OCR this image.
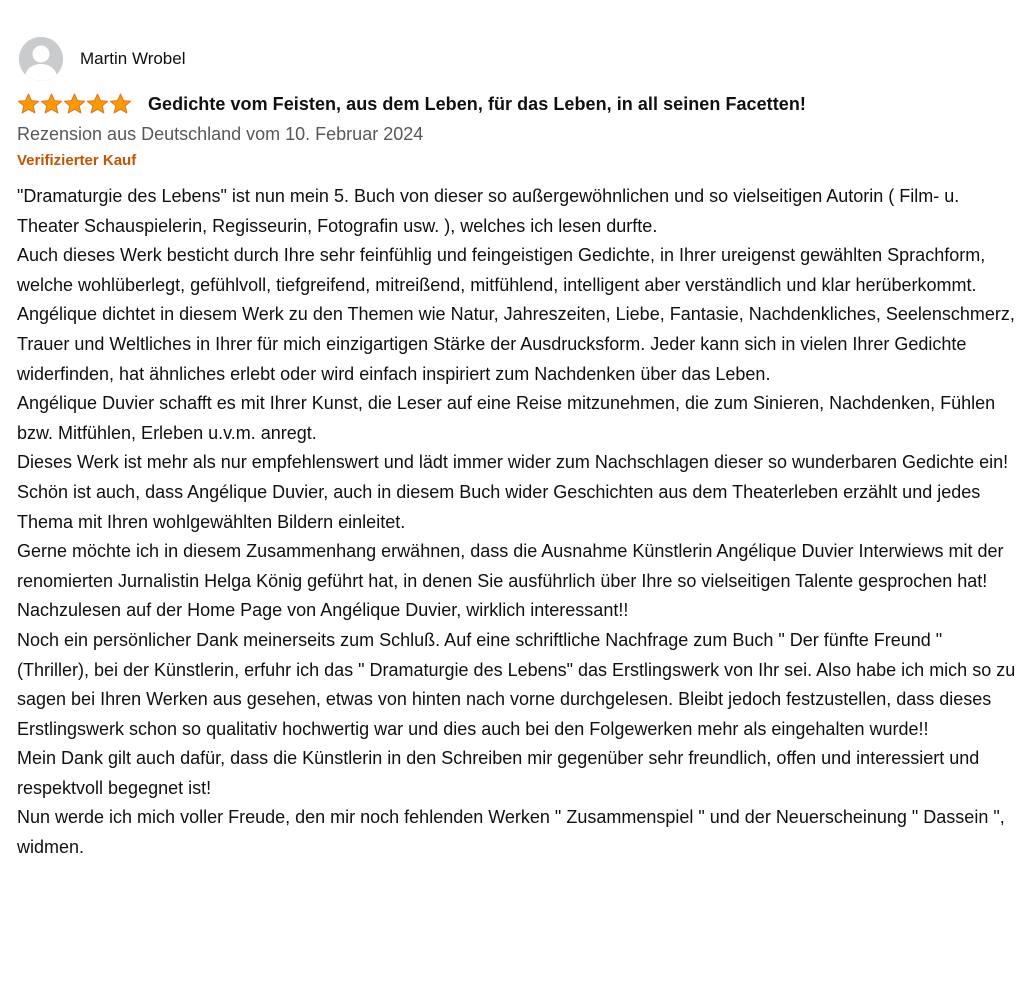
Martin Wrobel
Gedichte vom Feisten, aus dem Leben, für das Leben, in all seinen Facetten!
Rezension aus Deutschland vom 10. Februar 2024
Verifizierter Kauf

"Dramaturgie des Lebens" ist nun mein 5. Buch von dieser so außergewöhnlichen und so vielseitigen Autorin ( Film- u. Theater Schauspielerin, Regisseurin, Fotografin usw. ), welches ich lesen durfte.

Auch dieses Werk besticht durch Ihre sehr feinfühlig und feingeistigen Gedichte, in Ihrer ureigenst gewählten Sprachform, welche wohlüberlegt, gefühlvoll, tiefgreifend, mitreißend, mitfühlend, intelligent aber verständlich und klar herüberkommt.

Angélique dichtet in diesem Werk zu den Themen wie Natur, Jahreszeiten, Liebe, Fantasie, Nachdenkliches, Seelenschmerz, Trauer und Weltliches in Ihrer für mich einzigartigen Stärke der Ausdrucksform. Jeder kann sich in vielen Ihrer Gedichte widerfinden, hat ähnliches erlebt oder wird einfach inspiriert zum Nachdenken über das Leben.

Angélique Duvier schafft es mit Ihrer Kunst, die Leser auf eine Reise mitzunehmen, die zum Sinieren, Nachdenken, Fühlen bzw. Mitfühlen, Erleben u.v.m. anregt.

Dieses Werk ist mehr als nur empfehlenswert und lädt immer wider zum Nachschlagen dieser so wunderbaren Gedichte ein!

Schön ist auch, dass Angélique Duvier, auch in diesem Buch wider Geschichten aus dem Theaterleben erzählt und jedes Thema mit Ihren wohlgewählten Bildern einleitet.

Gerne möchte ich in diesem Zusammenhang erwähnen, dass die Ausnahme Künstlerin Angélique Duvier Interwiews mit der renomierten Jurnalistin Helga König geführt hat, in denen Sie ausführlich über Ihre so vielseitigen Talente gesprochen hat!

Nachzulesen auf der Home Page von Angélique Duvier, wirklich interessant!!

Noch ein persönlicher Dank meinerseits zum Schluß. Auf eine schriftliche Nachfrage zum Buch " Der fünfte Freund " (Thriller), bei der Künstlerin, erfuhr ich das " Dramaturgie des Lebens" das Erstlingswerk von Ihr sei. Also habe ich mich so zu sagen bei Ihren Werken aus gesehen, etwas von hinten nach vorne durchgelesen. Bleibt jedoch festzustellen, dass dieses Erstlingswerk schon so qualitativ hochwertig war und dies auch bei den Folgewerken mehr als eingehalten wurde!!

Mein Dank gilt auch dafür, dass die Künstlerin in den Schreiben mir gegenüber sehr freundlich, offen und interessiert und respektvoll begegnet ist!

Nun werde ich mich voller Freude, den mir noch fehlenden Werken " Zusammenspiel " und der Neuerscheinung " Dassein ", widmen.
